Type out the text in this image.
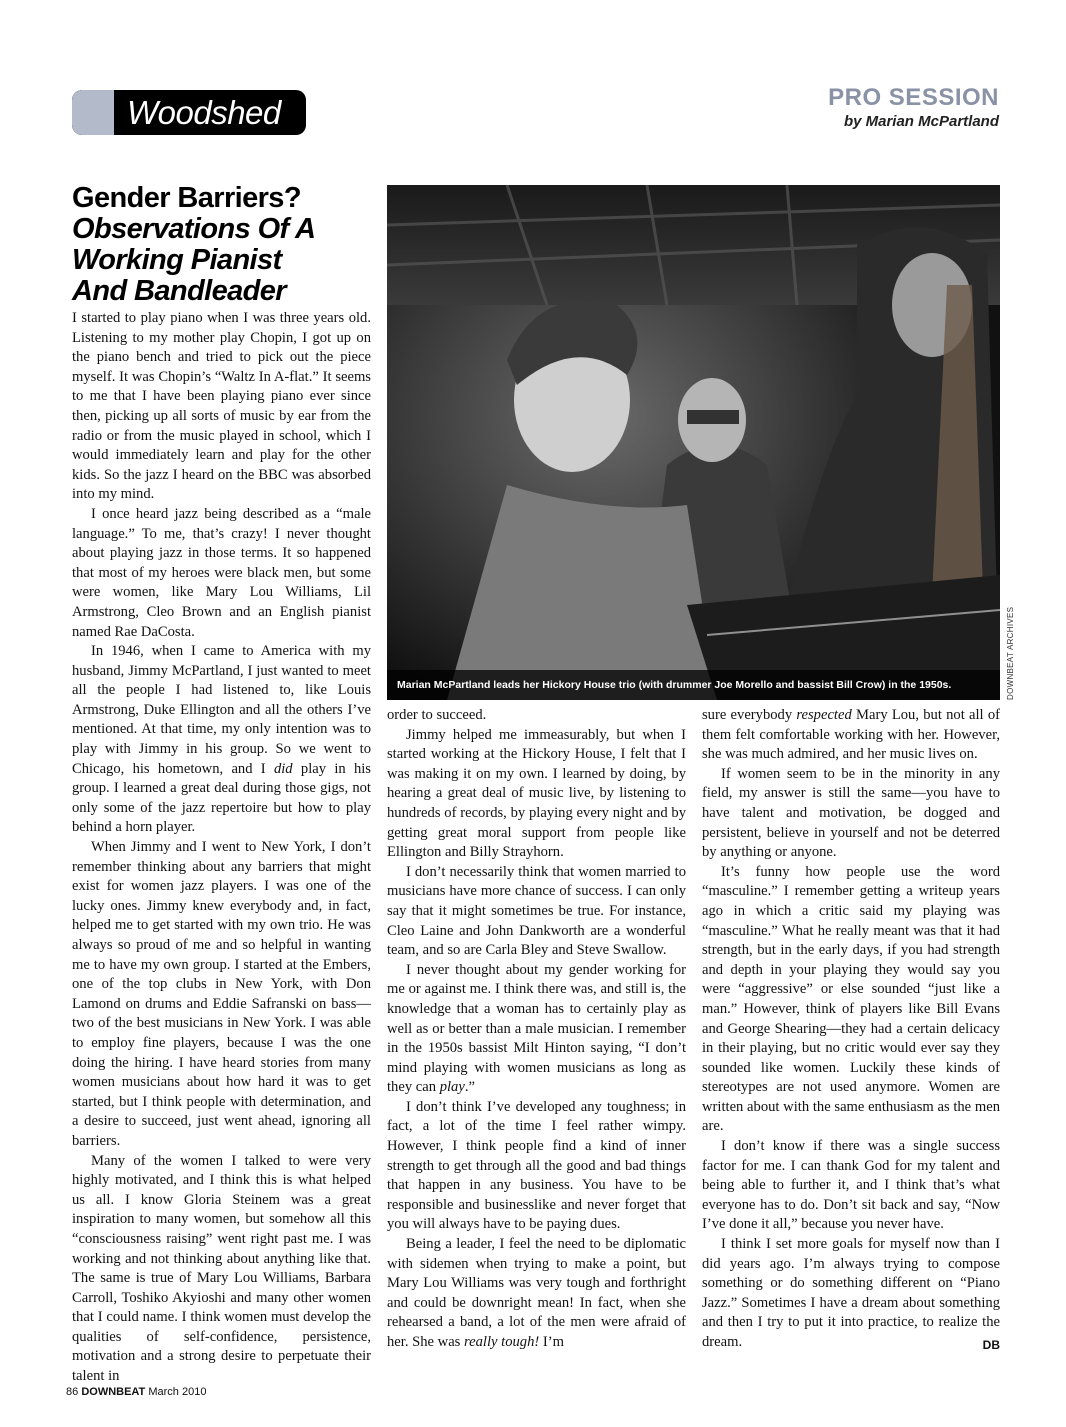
Woodshed	PRO SESSION
by Marian McPartland
Gender Barriers?
Observations Of A
Working Pianist
And Bandleader

I started to play piano when I was three years old. Listening to my mother play Chopin, I got up on the piano bench and tried to pick out the piece myself. It was Chopin’s “Waltz In A-flat.” It seems to me that I have been playing piano ever since then, picking up all sorts of music by ear from the radio or from the music played in school, which I would immediately learn and play for the other kids. So the jazz I heard on the BBC was absorbed into my mind.

I once heard jazz being described as a “male language.” To me, that’s crazy! I never thought about playing jazz in those terms. It so happened that most of my heroes were black men, but some were women, like Mary Lou Williams, Lil Armstrong, Cleo Brown and an English pianist named Rae DaCosta.

In 1946, when I came to America with my husband, Jimmy McPartland, I just wanted to meet all the people I had listened to, like Louis Armstrong, Duke Ellington and all the others I’ve mentioned. At that time, my only intention was to play with Jimmy in his group. So we went to Chicago, his hometown, and I did play in his group. I learned a great deal during those gigs, not only some of the jazz repertoire but how to play behind a horn player.

When Jimmy and I went to New York, I don’t remember thinking about any barriers that might exist for women jazz players. I was one of the lucky ones. Jimmy knew everybody and, in fact, helped me to get started with my own trio. He was always so proud of me and so helpful in wanting me to have my own group. I started at the Embers, one of the top clubs in New York, with Don Lamond on drums and Eddie Safranski on bass—two of the best musicians in New York. I was able to employ fine players, because I was the one doing the hiring. I have heard stories from many women musicians about how hard it was to get started, but I think people with determination, and a desire to succeed, just went ahead, ignoring all barriers.

Many of the women I talked to were very highly motivated, and I think this is what helped us all. I know Gloria Steinem was a great inspiration to many women, but somehow all this “consciousness raising” went right past me. I was working and not thinking about anything like that. The same is true of Mary Lou Williams, Barbara Carroll, Toshiko Akyioshi and many other women that I could name. I think women must develop the qualities of self-confidence, persistence, motivation and a strong desire to perpetuate their talent in

Marian McPartland leads her Hickory House trio (with drummer Joe Morello and bassist Bill Crow) in the 1950s.	DOWNBEAT ARCHIVES

order to succeed.

Jimmy helped me immeasurably, but when I started working at the Hickory House, I felt that I was making it on my own. I learned by doing, by hearing a great deal of music live, by listening to hundreds of records, by playing every night and by getting great moral support from people like Ellington and Billy Strayhorn.

I don’t necessarily think that women married to musicians have more chance of success. I can only say that it might sometimes be true. For instance, Cleo Laine and John Dankworth are a wonderful team, and so are Carla Bley and Steve Swallow.

I never thought about my gender working for me or against me. I think there was, and still is, the knowledge that a woman has to certainly play as well as or better than a male musician. I remember in the 1950s bassist Milt Hinton saying, “I don’t mind playing with women musicians as long as they can play.”

I don’t think I’ve developed any toughness; in fact, a lot of the time I feel rather wimpy. However, I think people find a kind of inner strength to get through all the good and bad things that happen in any business. You have to be responsible and businesslike and never forget that you will always have to be paying dues.

Being a leader, I feel the need to be diplomatic with sidemen when trying to make a point, but Mary Lou Williams was very tough and forthright and could be downright mean! In fact, when she rehearsed a band, a lot of the men were afraid of her. She was really tough! I’m

sure everybody respected Mary Lou, but not all of them felt comfortable working with her. However, she was much admired, and her music lives on.

If women seem to be in the minority in any field, my answer is still the same—you have to have talent and motivation, be dogged and persistent, believe in yourself and not be deterred by anything or anyone.

It’s funny how people use the word “masculine.” I remember getting a writeup years ago in which a critic said my playing was “masculine.” What he really meant was that it had strength, but in the early days, if you had strength and depth in your playing they would say you were “aggressive” or else sounded “just like a man.” However, think of players like Bill Evans and George Shearing—they had a certain delicacy in their playing, but no critic would ever say they sounded like women. Luckily these kinds of stereotypes are not used anymore. Women are written about with the same enthusiasm as the men are.

I don’t know if there was a single success factor for me. I can thank God for my talent and being able to further it, and I think that’s what everyone has to do. Don’t sit back and say, “Now I’ve done it all,” because you never have.

I think I set more goals for myself now than I did years ago. I’m always trying to compose something or do something different on “Piano Jazz.” Sometimes I have a dream about something and then I try to put it into practice, to realize the dream.	DB

86 DOWNBEAT March 2010
